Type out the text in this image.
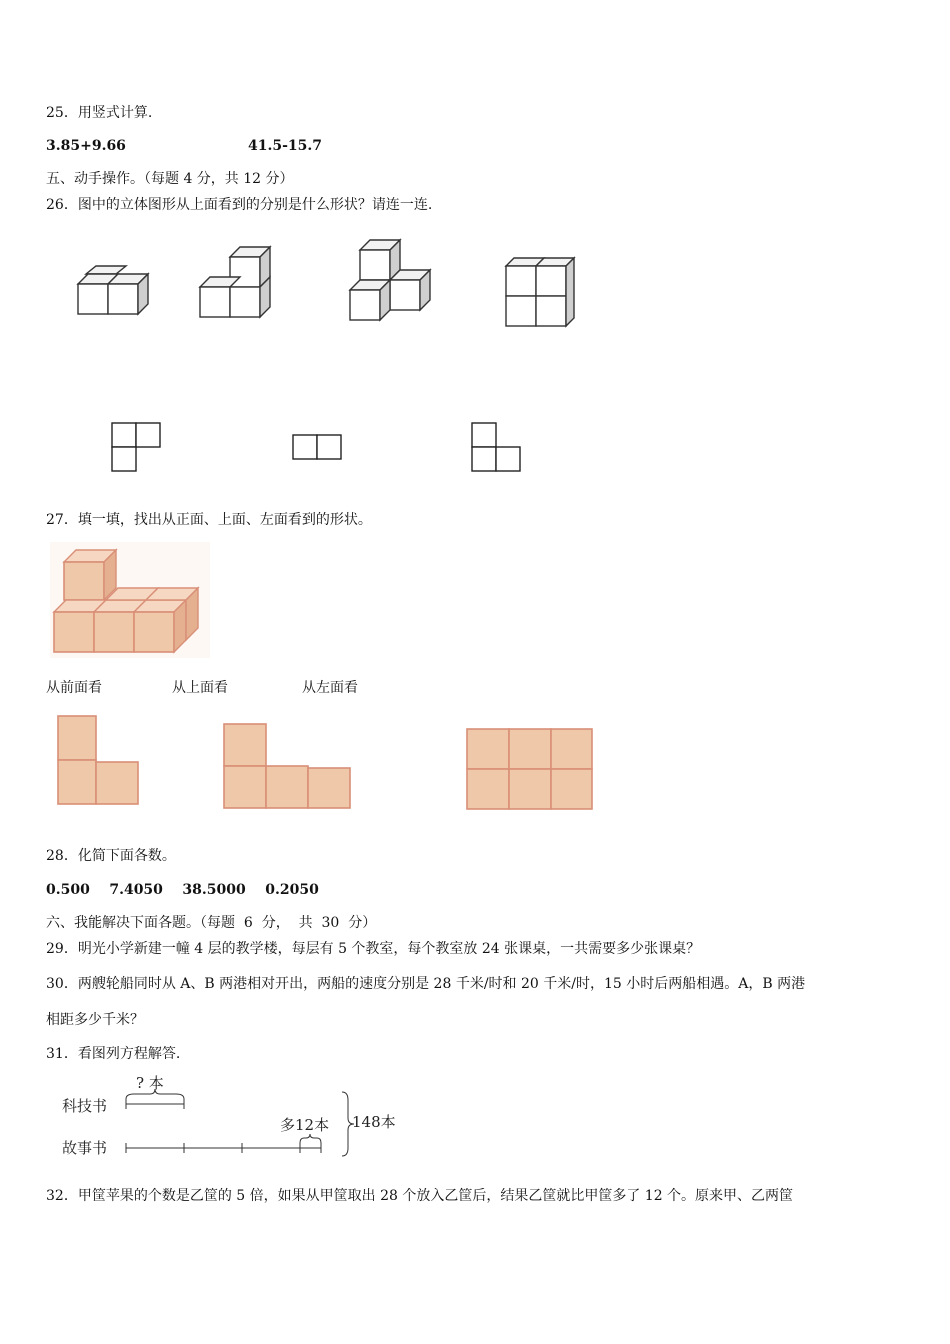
25．用竖式计算.
3.85+9.66	41.5-15.7
五、动手操作。（每题 4 分，共 12 分）
26．图中的立体图形从上面看到的分别是什么形状？请连一连.
27．填一填，找出从正面、上面、左面看到的形状。
从前面看	从上面看	从左面看
28．化简下面各数。
0.500    7.4050    38.5000    0.2050
六、我能解决下面各题。（每题  6  分，  共  30  分）
29．明光小学新建一幢 4 层的教学楼，每层有 5 个教室，每个教室放 24 张课桌，一共需要多少张课桌？
30．两艘轮船同时从 A、B 两港相对开出，两船的速度分别是 28 千米/时和 20 千米/时，15 小时后两船相遇。A，B 两港
相距多少千米？
31．看图列方程解答.
科技书
故事书
? 本
多12本 148本
32．甲筐苹果的个数是乙筐的 5 倍，如果从甲筐取出 28 个放入乙筐后，结果乙筐就比甲筐多了 12 个。原来甲、乙两筐
